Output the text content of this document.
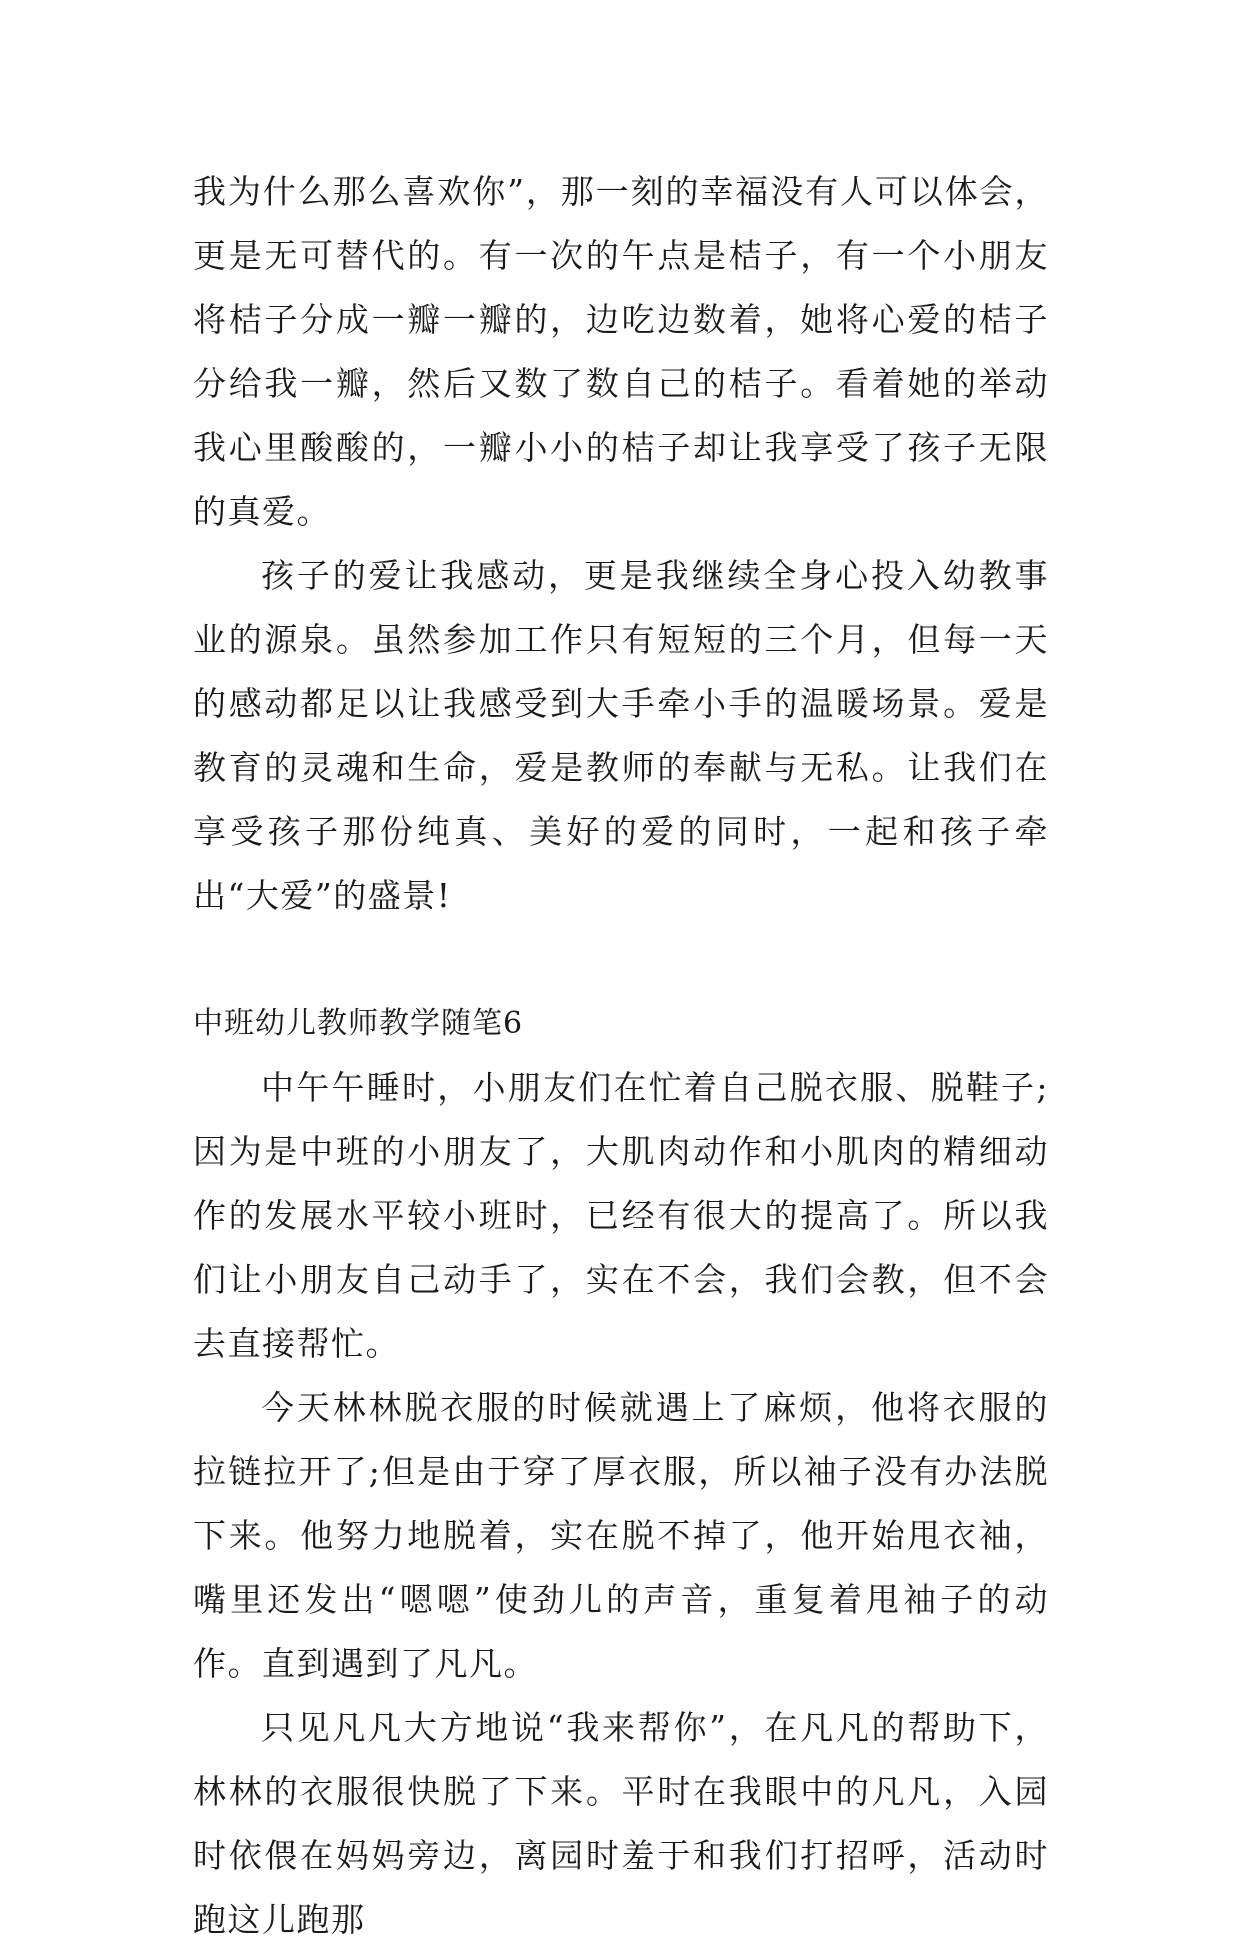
我为什么那么喜欢你”，那一刻的幸福没有人可以体会，更是无可替代的。有一次的午点是桔子，有一个小朋友将桔子分成一瓣一瓣的，边吃边数着，她将心爱的桔子分给我一瓣，然后又数了数自己的桔子。看着她的举动我心里酸酸的，一瓣小小的桔子却让我享受了孩子无限的真爱。

孩子的爱让我感动，更是我继续全身心投入幼教事业的源泉。虽然参加工作只有短短的三个月，但每一天的感动都足以让我感受到大手牵小手的温暖场景。爱是教育的灵魂和生命，爱是教师的奉献与无私。让我们在享受孩子那份纯真、美好的爱的同时，一起和孩子牵出“大爱”的盛景!

中班幼儿教师教学随笔6

中午午睡时，小朋友们在忙着自己脱衣服、脱鞋子;因为是中班的小朋友了，大肌肉动作和小肌肉的精细动作的发展水平较小班时，已经有很大的提高了。所以我们让小朋友自己动手了，实在不会，我们会教，但不会去直接帮忙。

今天林林脱衣服的时候就遇上了麻烦，他将衣服的拉链拉开了;但是由于穿了厚衣服，所以袖子没有办法脱下来。他努力地脱着，实在脱不掉了，他开始甩衣袖，嘴里还发出“嗯嗯”使劲儿的声音，重复着甩袖子的动作。直到遇到了凡凡。

只见凡凡大方地说“我来帮你”，在凡凡的帮助下，林林的衣服很快脱了下来。平时在我眼中的凡凡，入园时依偎在妈妈旁边，离园时羞于和我们打招呼，活动时跑这儿跑那
